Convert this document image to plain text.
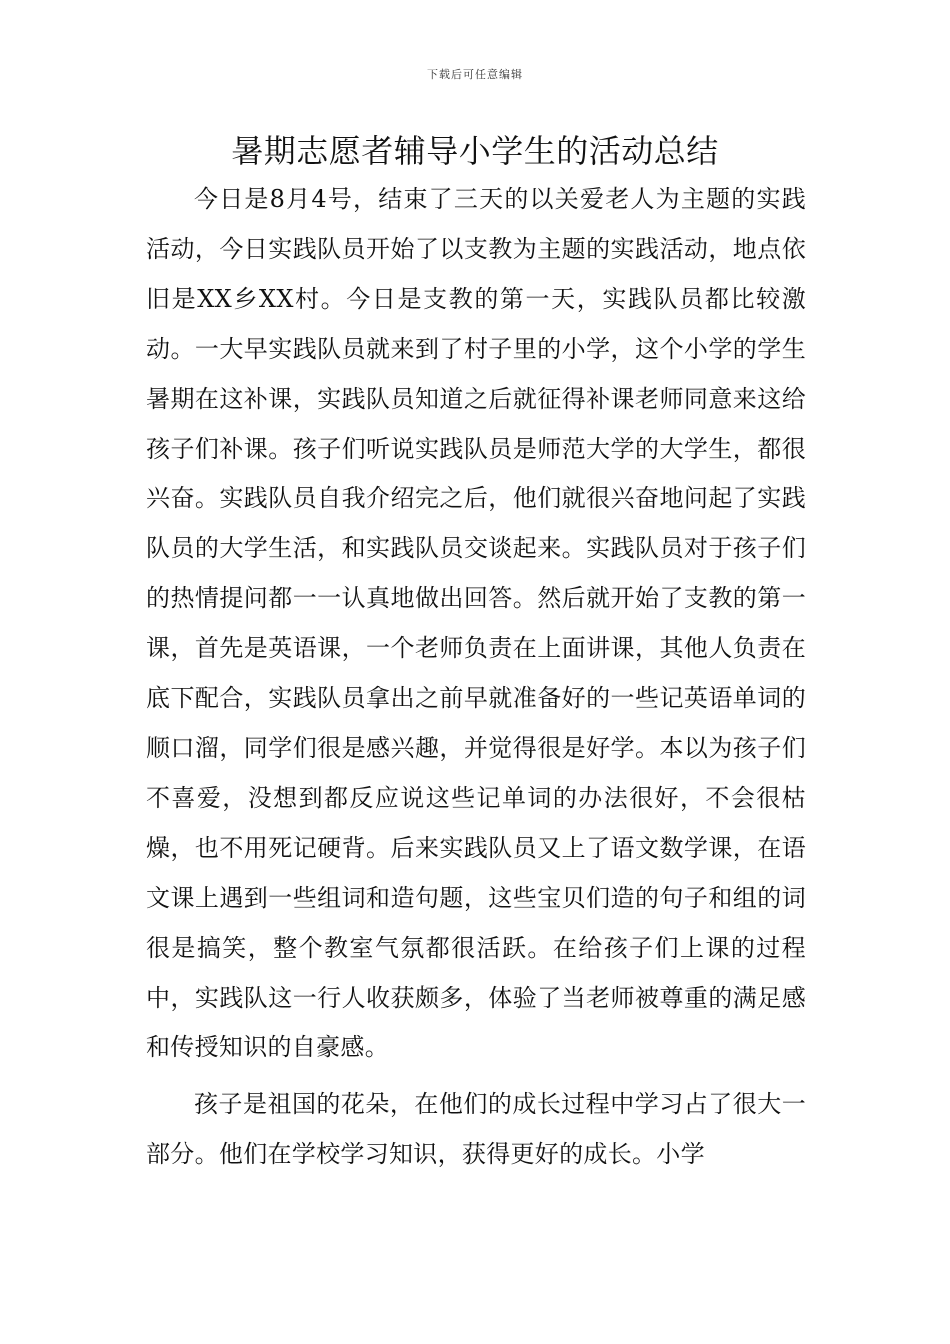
下载后可任意编辑
暑期志愿者辅导小学生的活动总结

今日是8月4号，结束了三天的以关爱老人为主题的实践活动，今日实践队员开始了以支教为主题的实践活动，地点依旧是XX乡XX村。今日是支教的第一天，实践队员都比较激动。一大早实践队员就来到了村子里的小学，这个小学的学生暑期在这补课，实践队员知道之后就征得补课老师同意来这给孩子们补课。孩子们听说实践队员是师范大学的大学生，都很兴奋。实践队员自我介绍完之后，他们就很兴奋地问起了实践队员的大学生活，和实践队员交谈起来。实践队员对于孩子们的热情提问都一一认真地做出回答。然后就开始了支教的第一课，首先是英语课，一个老师负责在上面讲课，其他人负责在底下配合，实践队员拿出之前早就准备好的一些记英语单词的顺口溜，同学们很是感兴趣，并觉得很是好学。本以为孩子们不喜爱，没想到都反应说这些记单词的办法很好，不会很枯燥，也不用死记硬背。后来实践队员又上了语文数学课，在语文课上遇到一些组词和造句题，这些宝贝们造的句子和组的词很是搞笑，整个教室气氛都很活跃。在给孩子们上课的过程中，实践队这一行人收获颇多，体验了当老师被尊重的满足感和传授知识的自豪感。

孩子是祖国的花朵，在他们的成长过程中学习占了很大一部分。他们在学校学习知识，获得更好的成长。小学
